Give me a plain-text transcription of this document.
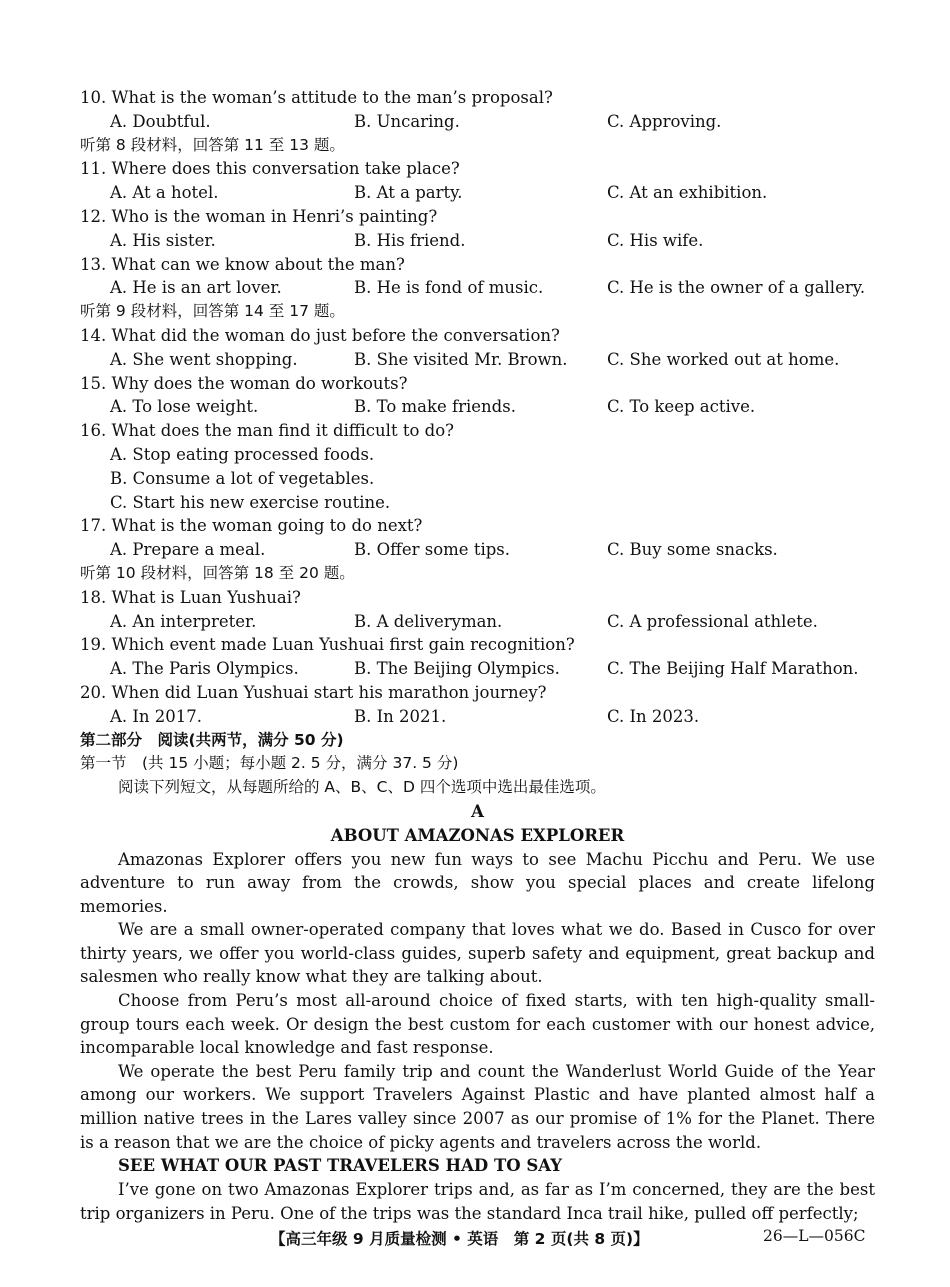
10. What is the woman’s attitude to the man’s proposal?
A. Doubtful.	B. Uncaring.	C. Approving.
听第 8 段材料，回答第 11 至 13 题。
11. Where does this conversation take place?
A. At a hotel.	B. At a party.	C. At an exhibition.
12. Who is the woman in Henri’s painting?
A. His sister.	B. His friend.	C. His wife.
13. What can we know about the man?
A. He is an art lover.	B. He is fond of music.	C. He is the owner of a gallery.
听第 9 段材料，回答第 14 至 17 题。
14. What did the woman do just before the conversation?
A. She went shopping.	B. She visited Mr. Brown. C. She worked out at home.
15. Why does the woman do workouts?
A. To lose weight.	B. To make friends.	C. To keep active.
16. What does the man find it difficult to do?
A. Stop eating processed foods.
B. Consume a lot of vegetables.
C. Start his new exercise routine.
17. What is the woman going to do next?
A. Prepare a meal.	B. Offer some tips.	C. Buy some snacks.
听第 10 段材料，回答第 18 至 20 题。
18. What is Luan Yushuai?
A. An interpreter.	B. A deliveryman.	C. A professional athlete.
19. Which event made Luan Yushuai first gain recognition?
A. The Paris Olympics.	B. The Beijing Olympics.	C. The Beijing Half Marathon.
20. When did Luan Yushuai start his marathon journey?
A. In 2017.	B. In 2021.	C. In 2023.
第二部分　阅读(共两节，满分 50 分)
第一节　(共 15 小题；每小题 2. 5 分，满分 37. 5 分)
阅读下列短文，从每题所给的 A、B、C、D 四个选项中选出最佳选项。
A
ABOUT AMAZONAS EXPLORER

Amazonas Explorer offers you new fun ways to see Machu Picchu and Peru. We use adventure to run away from the crowds, show you special places and create lifelong memories.

We are a small owner-operated company that loves what we do. Based in Cusco for over thirty years, we offer you world-class guides, superb safety and equipment, great backup and salesmen who really know what they are talking about.

Choose from Peru’s most all-around choice of fixed starts, with ten high-quality small-group tours each week. Or design the best custom for each customer with our honest advice, incomparable local knowledge and fast response.

We operate the best Peru family trip and count the Wanderlust World Guide of the Year among our workers. We support Travelers Against Plastic and have planted almost half a million native trees in the Lares valley since 2007 as our promise of 1% for the Planet. There is a reason that we are the choice of picky agents and travelers across the world.

SEE WHAT OUR PAST TRAVELERS HAD TO SAY

I’ve gone on two Amazonas Explorer trips and, as far as I’m concerned, they are the best trip organizers in Peru. One of the trips was the standard Inca trail hike, pulled off perfectly;

【高三年级 9 月质量检测 • 英语　第 2 页(共 8 页)】	26—L—056C
